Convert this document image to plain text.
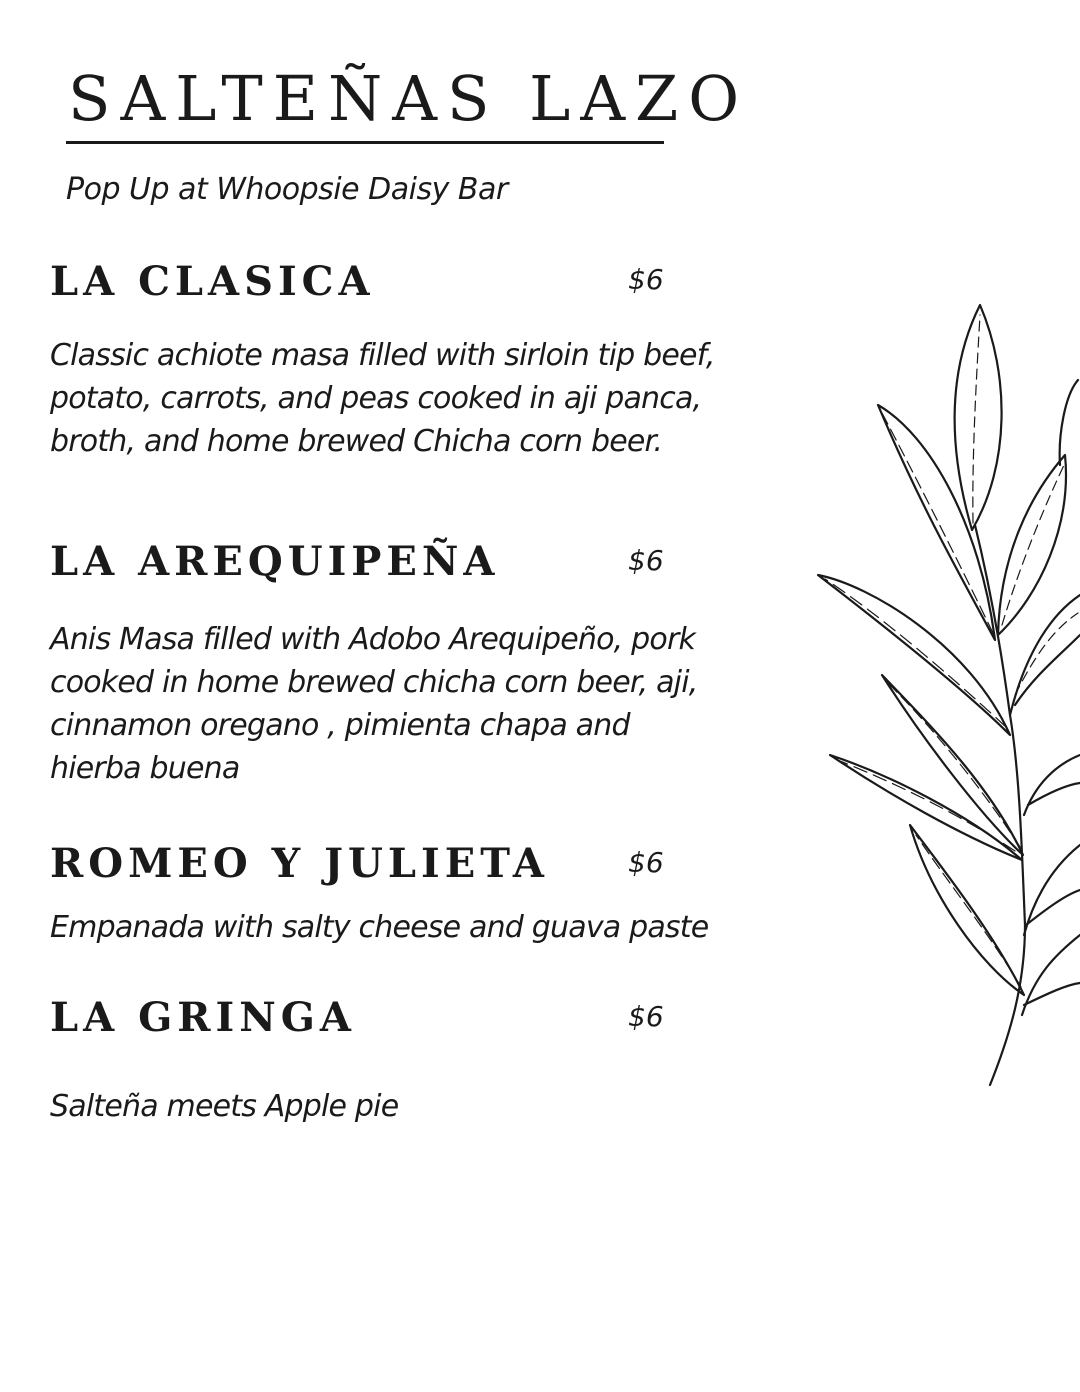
SALTEÑAS LAZO

Pop Up at Whoopsie Daisy Bar

LA CLASICA	$6

Classic achiote masa filled with sirloin tip beef,
potato, carrots, and peas cooked in aji panca,
broth, and home brewed Chicha corn beer.
LA AREQUIPEÑA	$6

Anis Masa filled with Adobo Arequipeño, pork
cooked in home brewed chicha corn beer, aji,
cinnamon oregano , pimienta chapa and
hierba buena
ROMEO Y JULIETA	$6

Empanada with salty cheese and guava paste
LA GRINGA	$6

Salteña meets Apple pie
